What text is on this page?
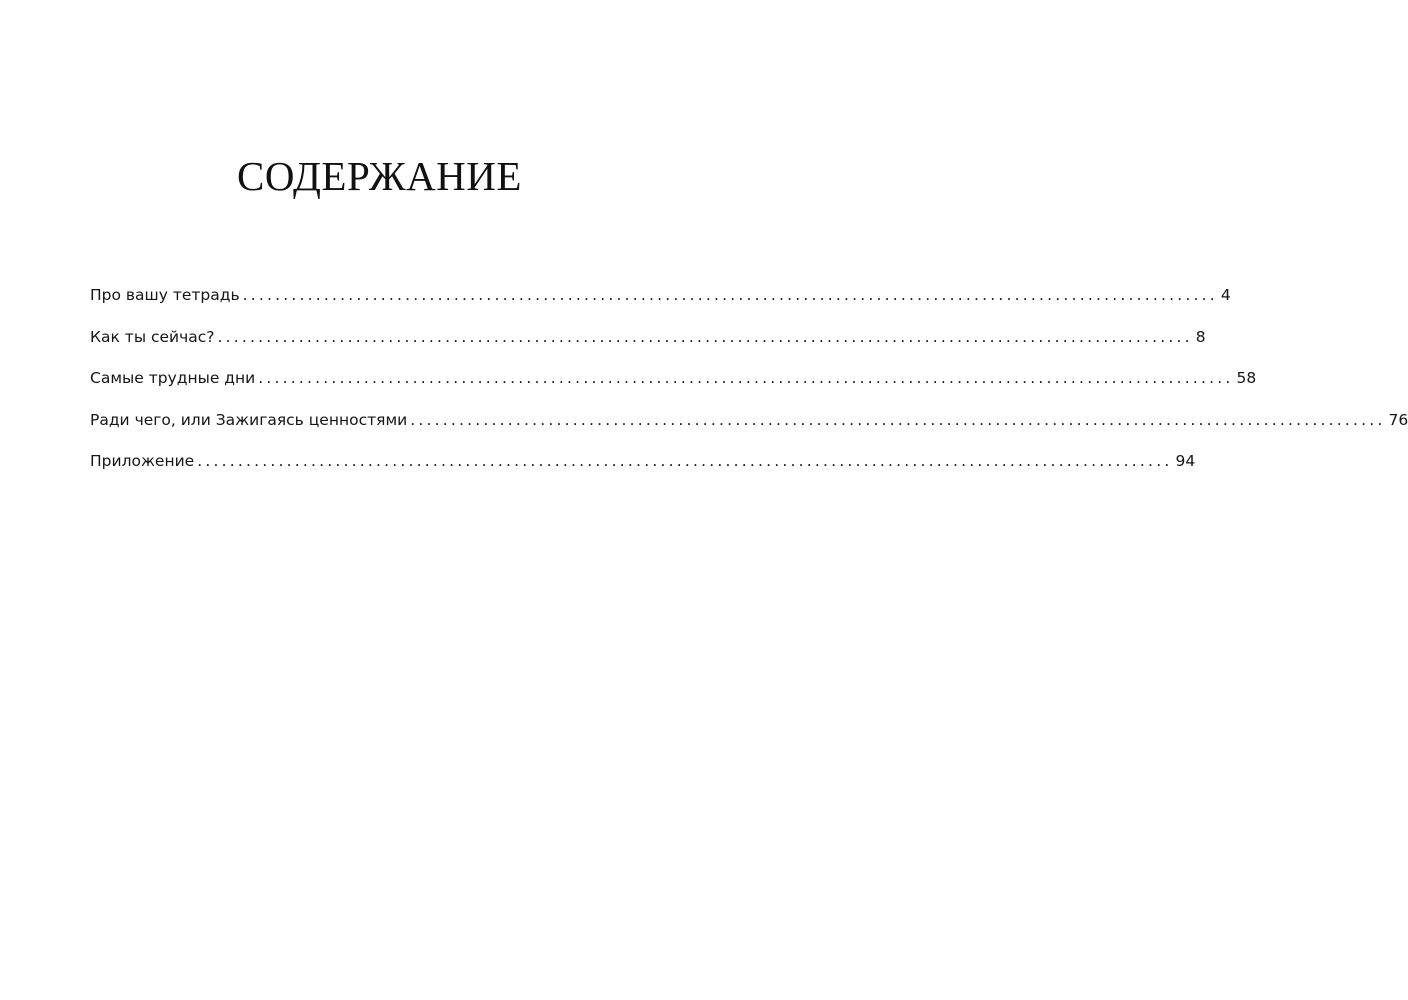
СОДЕРЖАНИЕ
Про вашу тетрадь ........................................................................................................................ 4
Как ты сейчас? ........................................................................................................................ 8
Самые трудные дни ........................................................................................................................ 58
Ради чего, или Зажигаясь ценностями ........................................................................................................................ 76
Приложение ........................................................................................................................ 94
